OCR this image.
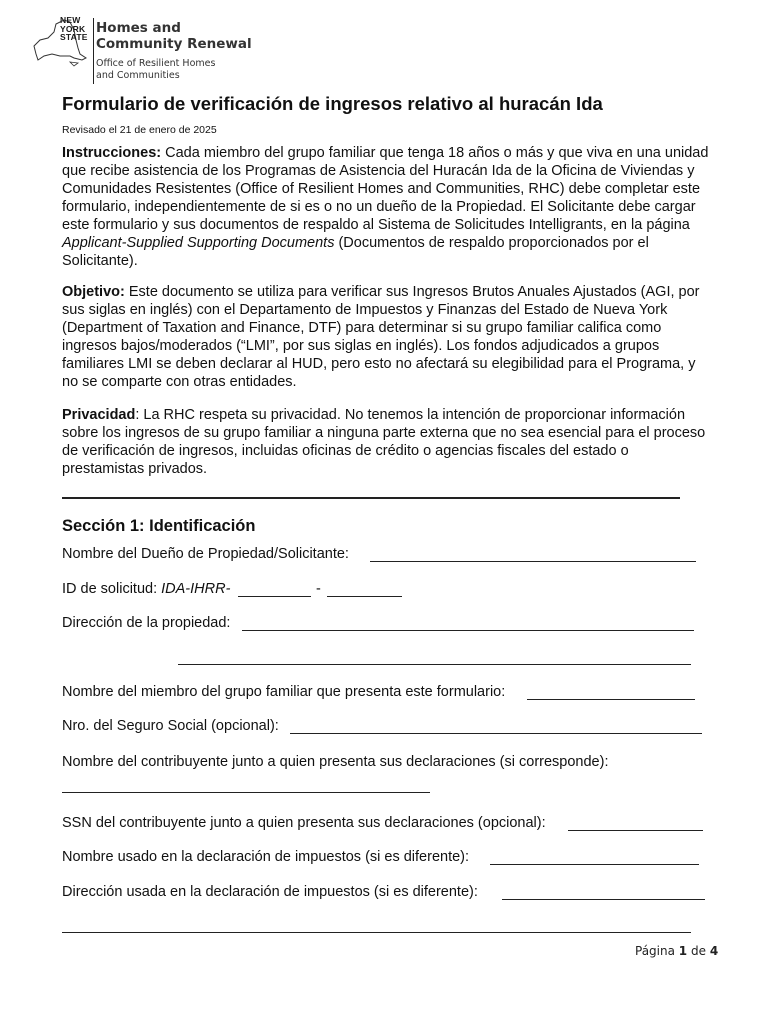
NEW
YORK
STATE
Homes and
Community Renewal
Office of Resilient Homes
and Communities
Formulario de verificación de ingresos relativo al huracán Ida
Revisado el 21 de enero de 2025
Instrucciones: Cada miembro del grupo familiar que tenga 18 años o más y que viva en una unidad que recibe asistencia de los Programas de Asistencia del Huracán Ida de la Oficina de Viviendas y Comunidades Resistentes (Office of Resilient Homes and Communities, RHC) debe completar este formulario, independientemente de si es o no un dueño de la Propiedad. El Solicitante debe cargar este formulario y sus documentos de respaldo al Sistema de Solicitudes Intelligrants, en la página Applicant-Supplied Supporting Documents (Documentos de respaldo proporcionados por el Solicitante).
Objetivo: Este documento se utiliza para verificar sus Ingresos Brutos Anuales Ajustados (AGI, por sus siglas en inglés) con el Departamento de Impuestos y Finanzas del Estado de Nueva York (Department of Taxation and Finance, DTF) para determinar si su grupo familiar califica como ingresos bajos/moderados (“LMI”, por sus siglas en inglés). Los fondos adjudicados a grupos familiares LMI se deben declarar al HUD, pero esto no afectará su elegibilidad para el Programa, y no se comparte con otras entidades.
Privacidad: La RHC respeta su privacidad. No tenemos la intención de proporcionar información sobre los ingresos de su grupo familiar a ninguna parte externa que no sea esencial para el proceso de verificación de ingresos, incluidas oficinas de crédito o agencias fiscales del estado o prestamistas privados.
Sección 1: Identificación
Nombre del Dueño de Propiedad/Solicitante:
ID de solicitud: IDA-IHRR-	-
Dirección de la propiedad:
Nombre del miembro del grupo familiar que presenta este formulario:
Nro. del Seguro Social (opcional):
Nombre del contribuyente junto a quien presenta sus declaraciones (si corresponde):
SSN del contribuyente junto a quien presenta sus declaraciones (opcional):
Nombre usado en la declaración de impuestos (si es diferente):
Dirección usada en la declaración de impuestos (si es diferente):
Página 1 de 4
